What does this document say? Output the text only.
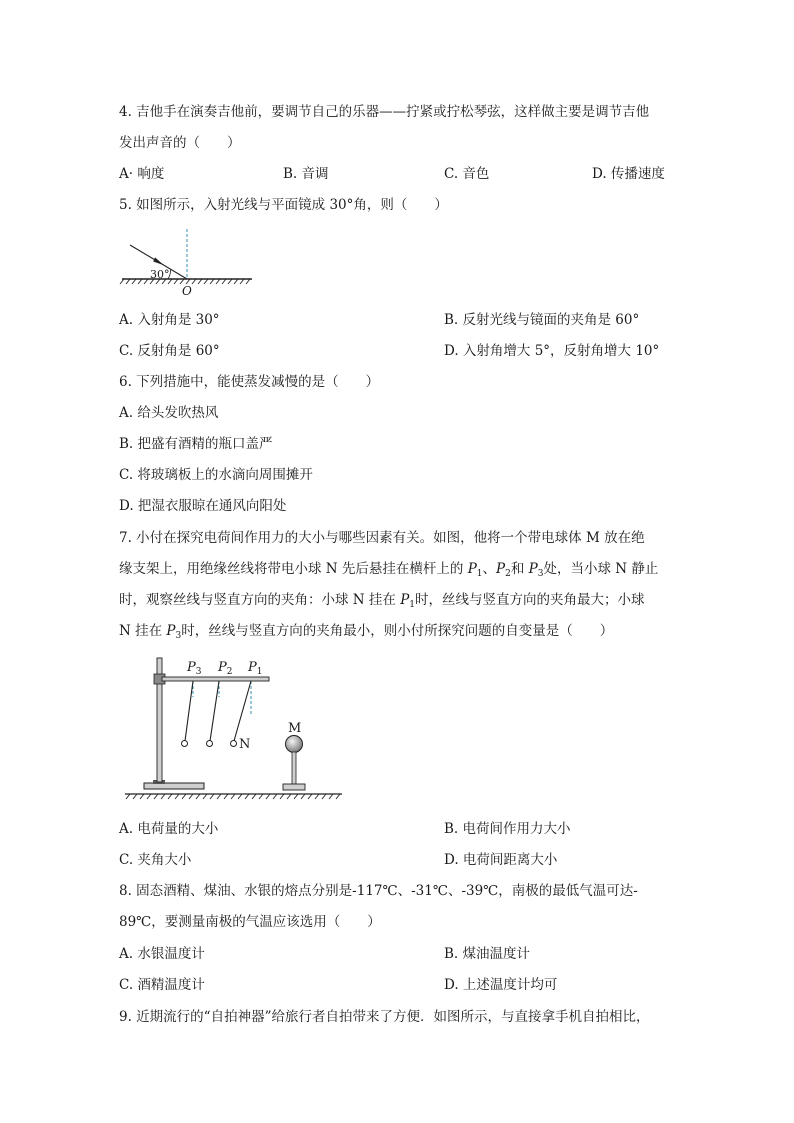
4. 吉他手在演奏吉他前，要调节自己的乐器——拧紧或拧松琴弦，这样做主要是调节吉他
发出声音的（　　）
A· 响度	B. 音调	C. 音色	D. 传播速度
5. 如图所示，入射光线与平面镜成 30°角，则（　　）
30°
O
A. 入射角是 30°	B. 反射光线与镜面的夹角是 60°
C. 反射角是 60°	D. 入射角增大 5°，反射角增大 10°
6. 下列措施中，能使蒸发减慢的是（　　）
A. 给头发吹热风
B. 把盛有酒精的瓶口盖严
C. 将玻璃板上的水滴向周围摊开
D. 把湿衣服晾在通风向阳处
7. 小付在探究电荷间作用力的大小与哪些因素有关。如图，他将一个带电球体 M 放在绝
缘支架上，用绝缘丝线将带电小球 N 先后悬挂在横杆上的 $P_1$、$P_2$和 $P_3$处，当小球 N 静止
时，观察丝线与竖直方向的夹角：小球 N 挂在 $P_1$时，丝线与竖直方向的夹角最大；小球
N 挂在 $P_3$时，丝线与竖直方向的夹角最小，则小付所探究问题的自变量是（　　）
$P_3$ $P_2$ $P_1$
N
M
A. 电荷量的大小	B. 电荷间作用力大小
C. 夹角大小	D. 电荷间距离大小
8. 固态酒精、煤油、水银的熔点分别是-117℃、-31℃、-39℃，南极的最低气温可达-
89℃，要测量南极的气温应该选用（　　）
A. 水银温度计	B. 煤油温度计
C. 酒精温度计	D. 上述温度计均可
9. 近期流行的“自拍神器”给旅行者自拍带来了方便．如图所示，与直接拿手机自拍相比，
